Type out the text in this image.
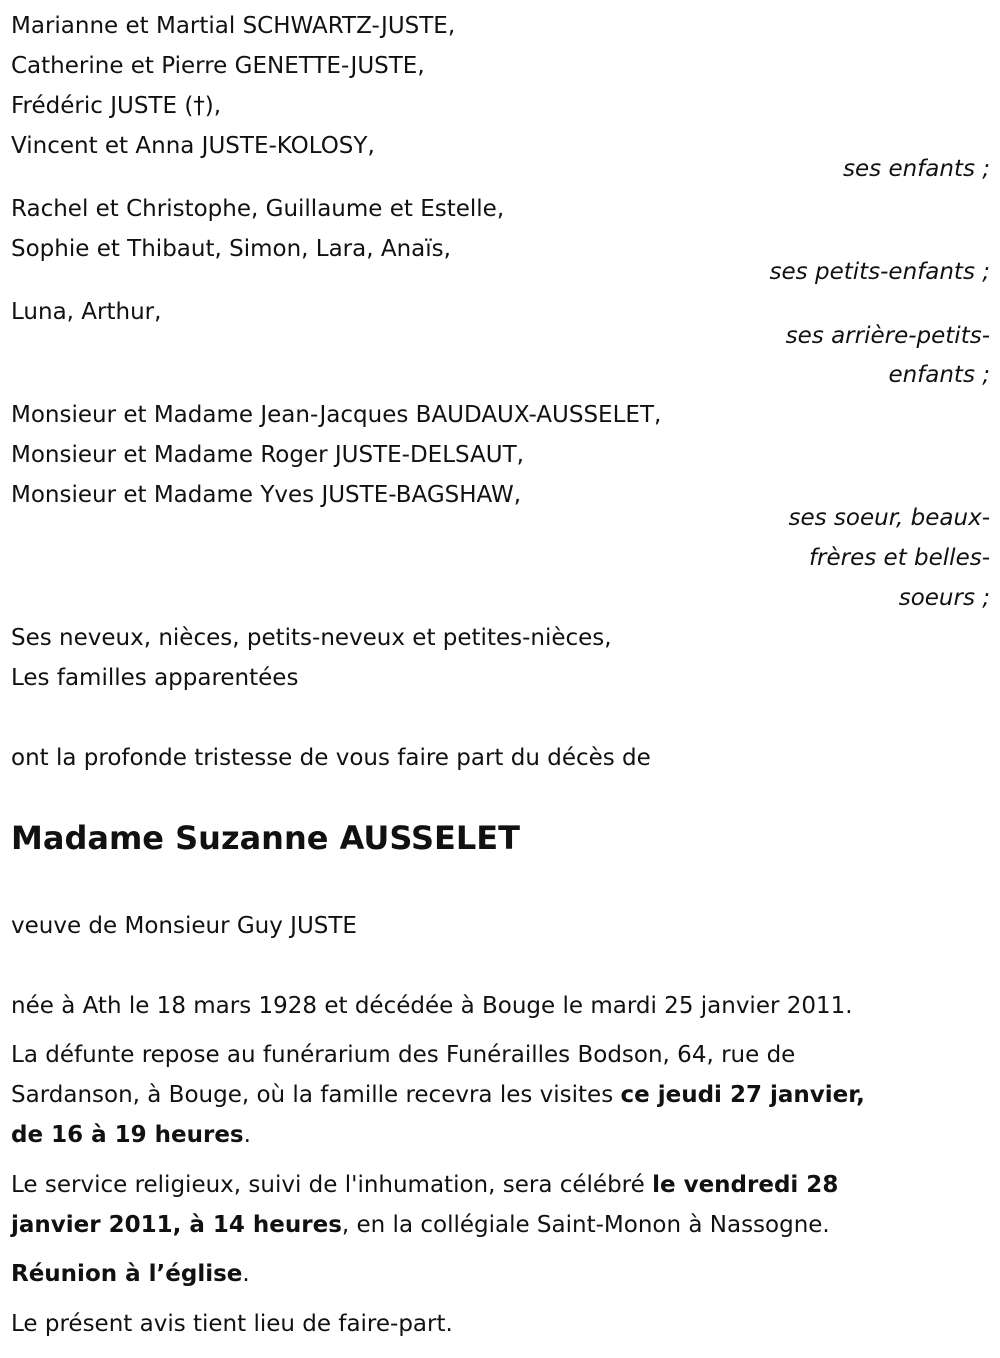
Marianne et Martial SCHWARTZ-JUSTE,
Catherine et Pierre GENETTE-JUSTE,
Frédéric JUSTE (†),
Vincent et Anna JUSTE-KOLOSY,
ses enfants ;
Rachel et Christophe, Guillaume et Estelle,
Sophie et Thibaut, Simon, Lara, Anaïs,
ses petits-enfants ;
Luna, Arthur,
ses arrière-petits-
enfants ;
Monsieur et Madame Jean-Jacques BAUDAUX-AUSSELET,
Monsieur et Madame Roger JUSTE-DELSAUT,
Monsieur et Madame Yves JUSTE-BAGSHAW,
ses soeur, beaux-
frères et belles-
soeurs ;
Ses neveux, nièces, petits-neveux et petites-nièces,
Les familles apparentées
ont la profonde tristesse de vous faire part du décès de
Madame Suzanne AUSSELET
veuve de Monsieur Guy JUSTE
née à Ath le 18 mars 1928 et décédée à Bouge le mardi 25 janvier 2011.
La défunte repose au funérarium des Funérailles Bodson, 64, rue de
Sardanson, à Bouge, où la famille recevra les visites ce jeudi 27 janvier,
de 16 à 19 heures.
Le service religieux, suivi de l'inhumation, sera célébré le vendredi 28
janvier 2011, à 14 heures, en la collégiale Saint-Monon à Nassogne.
Réunion à l’église.
Le présent avis tient lieu de faire-part.
